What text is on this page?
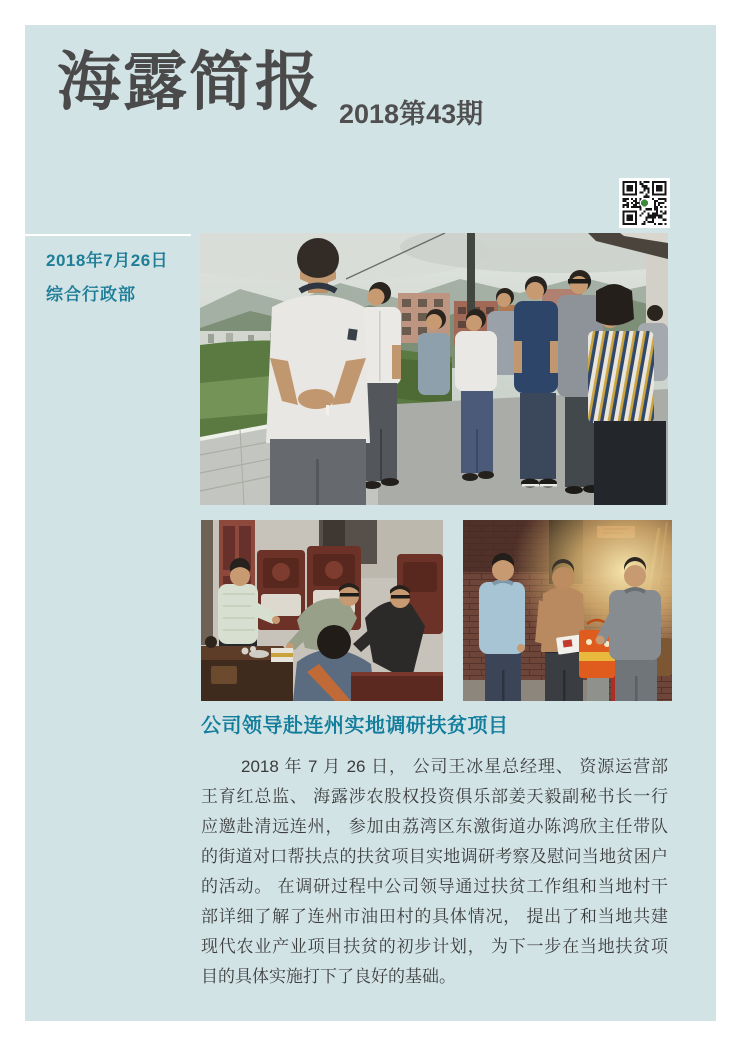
海露简报 2018第43期
2018年7月26日
综合行政部
公司领导赴连州实地调研扶贫项目

2018 年 7 月 26 日， 公司王冰星总经理、 资源运营部

王育红总监、 海露涉农股权投资俱乐部姜天毅副秘书长一行

应邀赴清远连州， 参加由荔湾区东激街道办陈鸿欣主任带队

的街道对口帮扶点的扶贫项目实地调研考察及慰问当地贫困户

的活动。 在调研过程中公司领导通过扶贫工作组和当地村干

部详细了解了连州市油田村的具体情况， 提出了和当地共建

现代农业产业项目扶贫的初步计划， 为下一步在当地扶贫项

目的具体实施打下了良好的基础。
